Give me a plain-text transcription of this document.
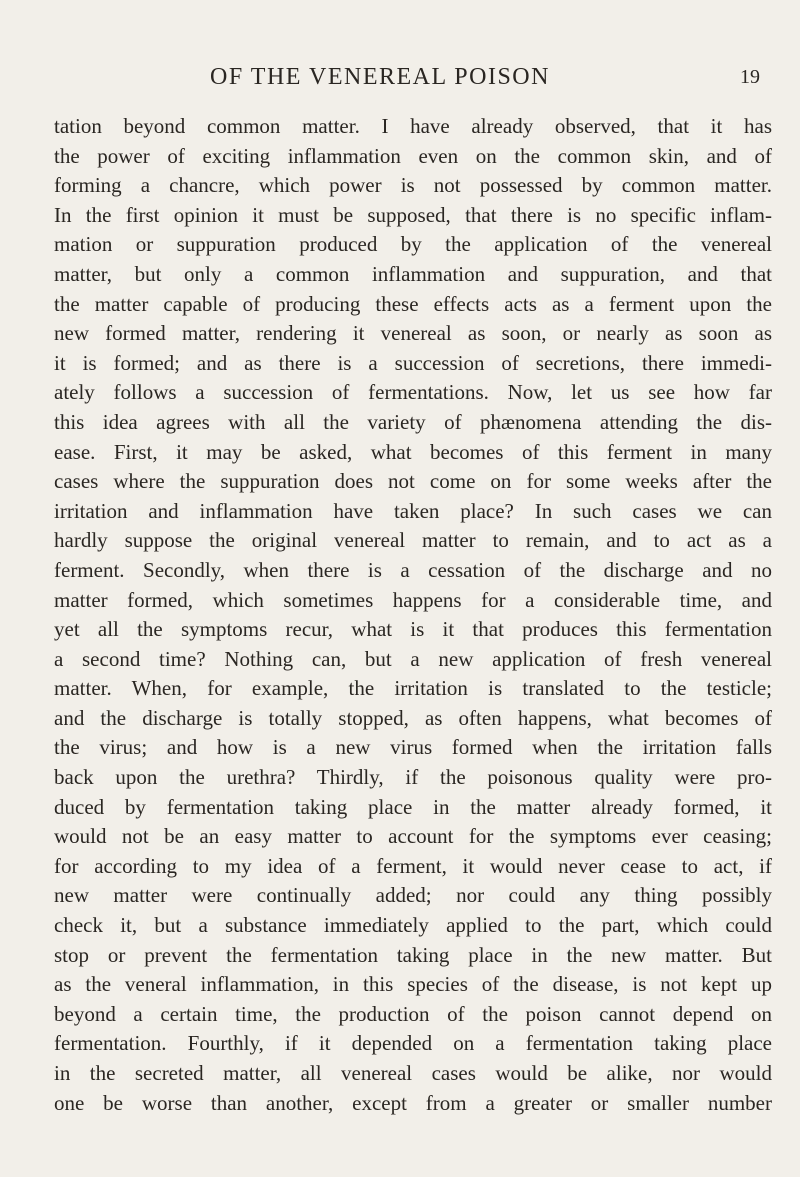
OF THE VENEREAL POISON	19
tation beyond common matter. I have already observed, that it has
the power of exciting inflammation even on the common skin, and of
forming a chancre, which power is not possessed by common matter.
In the first opinion it must be supposed, that there is no specific inflam-
mation or suppuration produced by the application of the venereal
matter, but only a common inflammation and suppuration, and that
the matter capable of producing these effects acts as a ferment upon the
new formed matter, rendering it venereal as soon, or nearly as soon as
it is formed; and as there is a succession of secretions, there immedi-
ately follows a succession of fermentations. Now, let us see how far
this idea agrees with all the variety of phænomena attending the dis-
ease. First, it may be asked, what becomes of this ferment in many
cases where the suppuration does not come on for some weeks after the
irritation and inflammation have taken place? In such cases we can
hardly suppose the original venereal matter to remain, and to act as a
ferment. Secondly, when there is a cessation of the discharge and no
matter formed, which sometimes happens for a considerable time, and
yet all the symptoms recur, what is it that produces this fermentation
a second time? Nothing can, but a new application of fresh venereal
matter. When, for example, the irritation is translated to the testicle;
and the discharge is totally stopped, as often happens, what becomes of
the virus; and how is a new virus formed when the irritation falls
back upon the urethra? Thirdly, if the poisonous quality were pro-
duced by fermentation taking place in the matter already formed, it
would not be an easy matter to account for the symptoms ever ceasing;
for according to my idea of a ferment, it would never cease to act, if
new matter were continually added; nor could any thing possibly
check it, but a substance immediately applied to the part, which could
stop or prevent the fermentation taking place in the new matter. But
as the veneral inflammation, in this species of the disease, is not kept up
beyond a certain time, the production of the poison cannot depend on
fermentation. Fourthly, if it depended on a fermentation taking place
in the secreted matter, all venereal cases would be alike, nor would
one be worse than another, except from a greater or smaller number
